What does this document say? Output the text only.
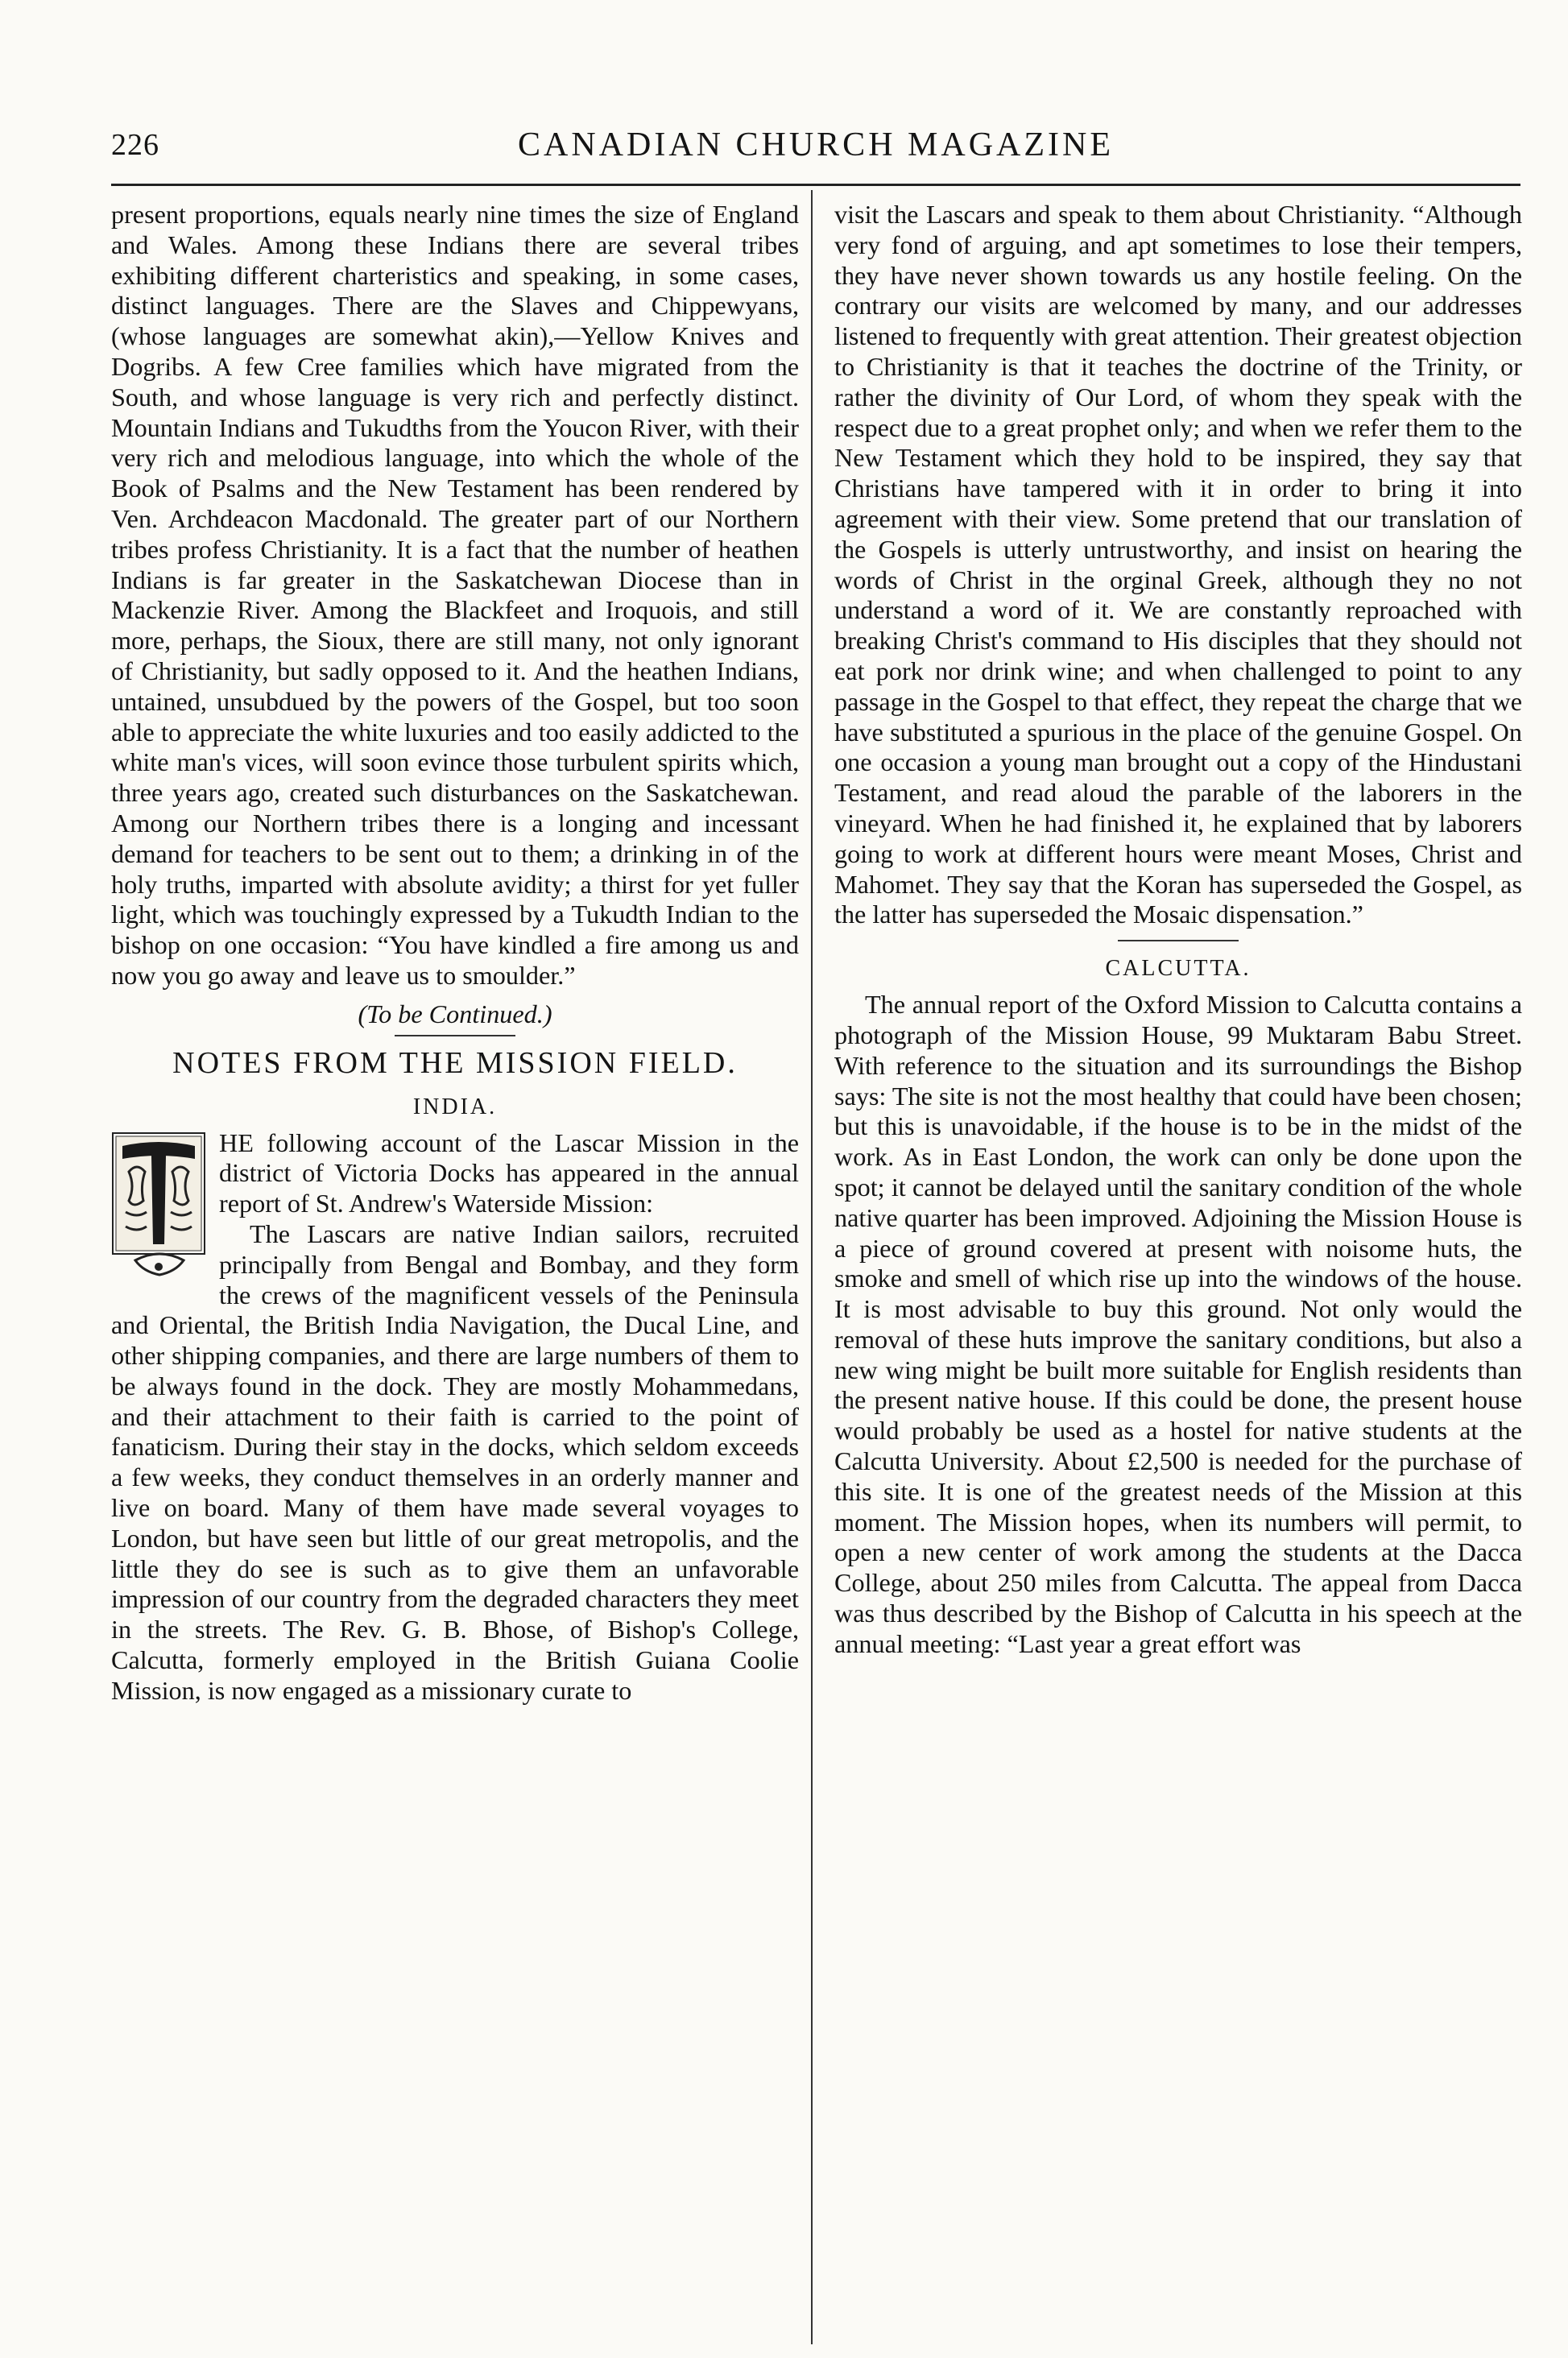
226	CANADIAN CHURCH MAGAZINE

present proportions, equals nearly nine times the size of England and Wales. Among these Indians there are several tribes exhibiting different charteristics and speaking, in some cases, distinct languages. There are the Slaves and Chippewyans, (whose languages are somewhat akin),—Yellow Knives and Dogribs. A few Cree families which have migrated from the South, and whose language is very rich and perfectly distinct. Mountain Indians and Tukudths from the Youcon River, with their very rich and melodious language, into which the whole of the Book of Psalms and the New Testament has been rendered by Ven. Archdeacon Macdonald. The greater part of our Northern tribes profess Christianity. It is a fact that the number of heathen Indians is far greater in the Saskatchewan Diocese than in Mackenzie River. Among the Blackfeet and Iroquois, and still more, perhaps, the Sioux, there are still many, not only ignorant of Christianity, but sadly opposed to it. And the heathen Indians, untained, unsubdued by the powers of the Gospel, but too soon able to appreciate the white luxuries and too easily addicted to the white man's vices, will soon evince those turbulent spirits which, three years ago, created such disturbances on the Saskatchewan. Among our Northern tribes there is a longing and incessant demand for teachers to be sent out to them; a drinking in of the holy truths, imparted with absolute avidity; a thirst for yet fuller light, which was touchingly expressed by a Tukudth Indian to the bishop on one occasion: “You have kindled a fire among us and now you go away and leave us to smoulder.”

(To be Continued.)
NOTES FROM THE MISSION FIELD.
INDIA.

HE following account of the Lascar Mission in the district of Victoria Docks has appeared in the annual report of St. Andrew's Waterside Mission:

The Lascars are native Indian sailors, recruited principally from Bengal and Bombay, and they form the crews of the magnificent vessels of the Peninsula and Oriental, the British India Navigation, the Ducal Line, and other shipping companies, and there are large numbers of them to be always found in the dock. They are mostly Mohammedans, and their attachment to their faith is carried to the point of fanaticism. During their stay in the docks, which seldom exceeds a few weeks, they conduct themselves in an orderly manner and live on board. Many of them have made several voyages to London, but have seen but little of our great metropolis, and the little they do see is such as to give them an unfavorable impression of our country from the degraded characters they meet in the streets. The Rev. G. B. Bhose, of Bishop's College, Calcutta, formerly employed in the British Guiana Coolie Mission, is now engaged as a missionary curate to

visit the Lascars and speak to them about Christianity. “Although very fond of arguing, and apt sometimes to lose their tempers, they have never shown towards us any hostile feeling. On the contrary our visits are welcomed by many, and our addresses listened to frequently with great attention. Their greatest objection to Christianity is that it teaches the doctrine of the Trinity, or rather the divinity of Our Lord, of whom they speak with the respect due to a great prophet only; and when we refer them to the New Testament which they hold to be inspired, they say that Christians have tampered with it in order to bring it into agreement with their view. Some pretend that our translation of the Gospels is utterly untrustworthy, and insist on hearing the words of Christ in the orginal Greek, although they no not understand a word of it. We are constantly reproached with breaking Christ's command to His disciples that they should not eat pork nor drink wine; and when challenged to point to any passage in the Gospel to that effect, they repeat the charge that we have substituted a spurious in the place of the genuine Gospel. On one occasion a young man brought out a copy of the Hindustani Testament, and read aloud the parable of the laborers in the vineyard. When he had finished it, he explained that by laborers going to work at different hours were meant Moses, Christ and Mahomet. They say that the Koran has superseded the Gospel, as the latter has superseded the Mosaic dispensation.”

CALCUTTA.

The annual report of the Oxford Mission to Calcutta contains a photograph of the Mission House, 99 Muktaram Babu Street. With reference to the situation and its surroundings the Bishop says: The site is not the most healthy that could have been chosen; but this is unavoidable, if the house is to be in the midst of the work. As in East London, the work can only be done upon the spot; it cannot be delayed until the sanitary condition of the whole native quarter has been improved. Adjoining the Mission House is a piece of ground covered at present with noisome huts, the smoke and smell of which rise up into the windows of the house. It is most advisable to buy this ground. Not only would the removal of these huts improve the sanitary conditions, but also a new wing might be built more suitable for English residents than the present native house. If this could be done, the present house would probably be used as a hostel for native students at the Calcutta University. About £2,500 is needed for the purchase of this site. It is one of the greatest needs of the Mission at this moment. The Mission hopes, when its numbers will permit, to open a new center of work among the students at the Dacca College, about 250 miles from Calcutta. The appeal from Dacca was thus described by the Bishop of Calcutta in his speech at the annual meeting: “Last year a great effort was
